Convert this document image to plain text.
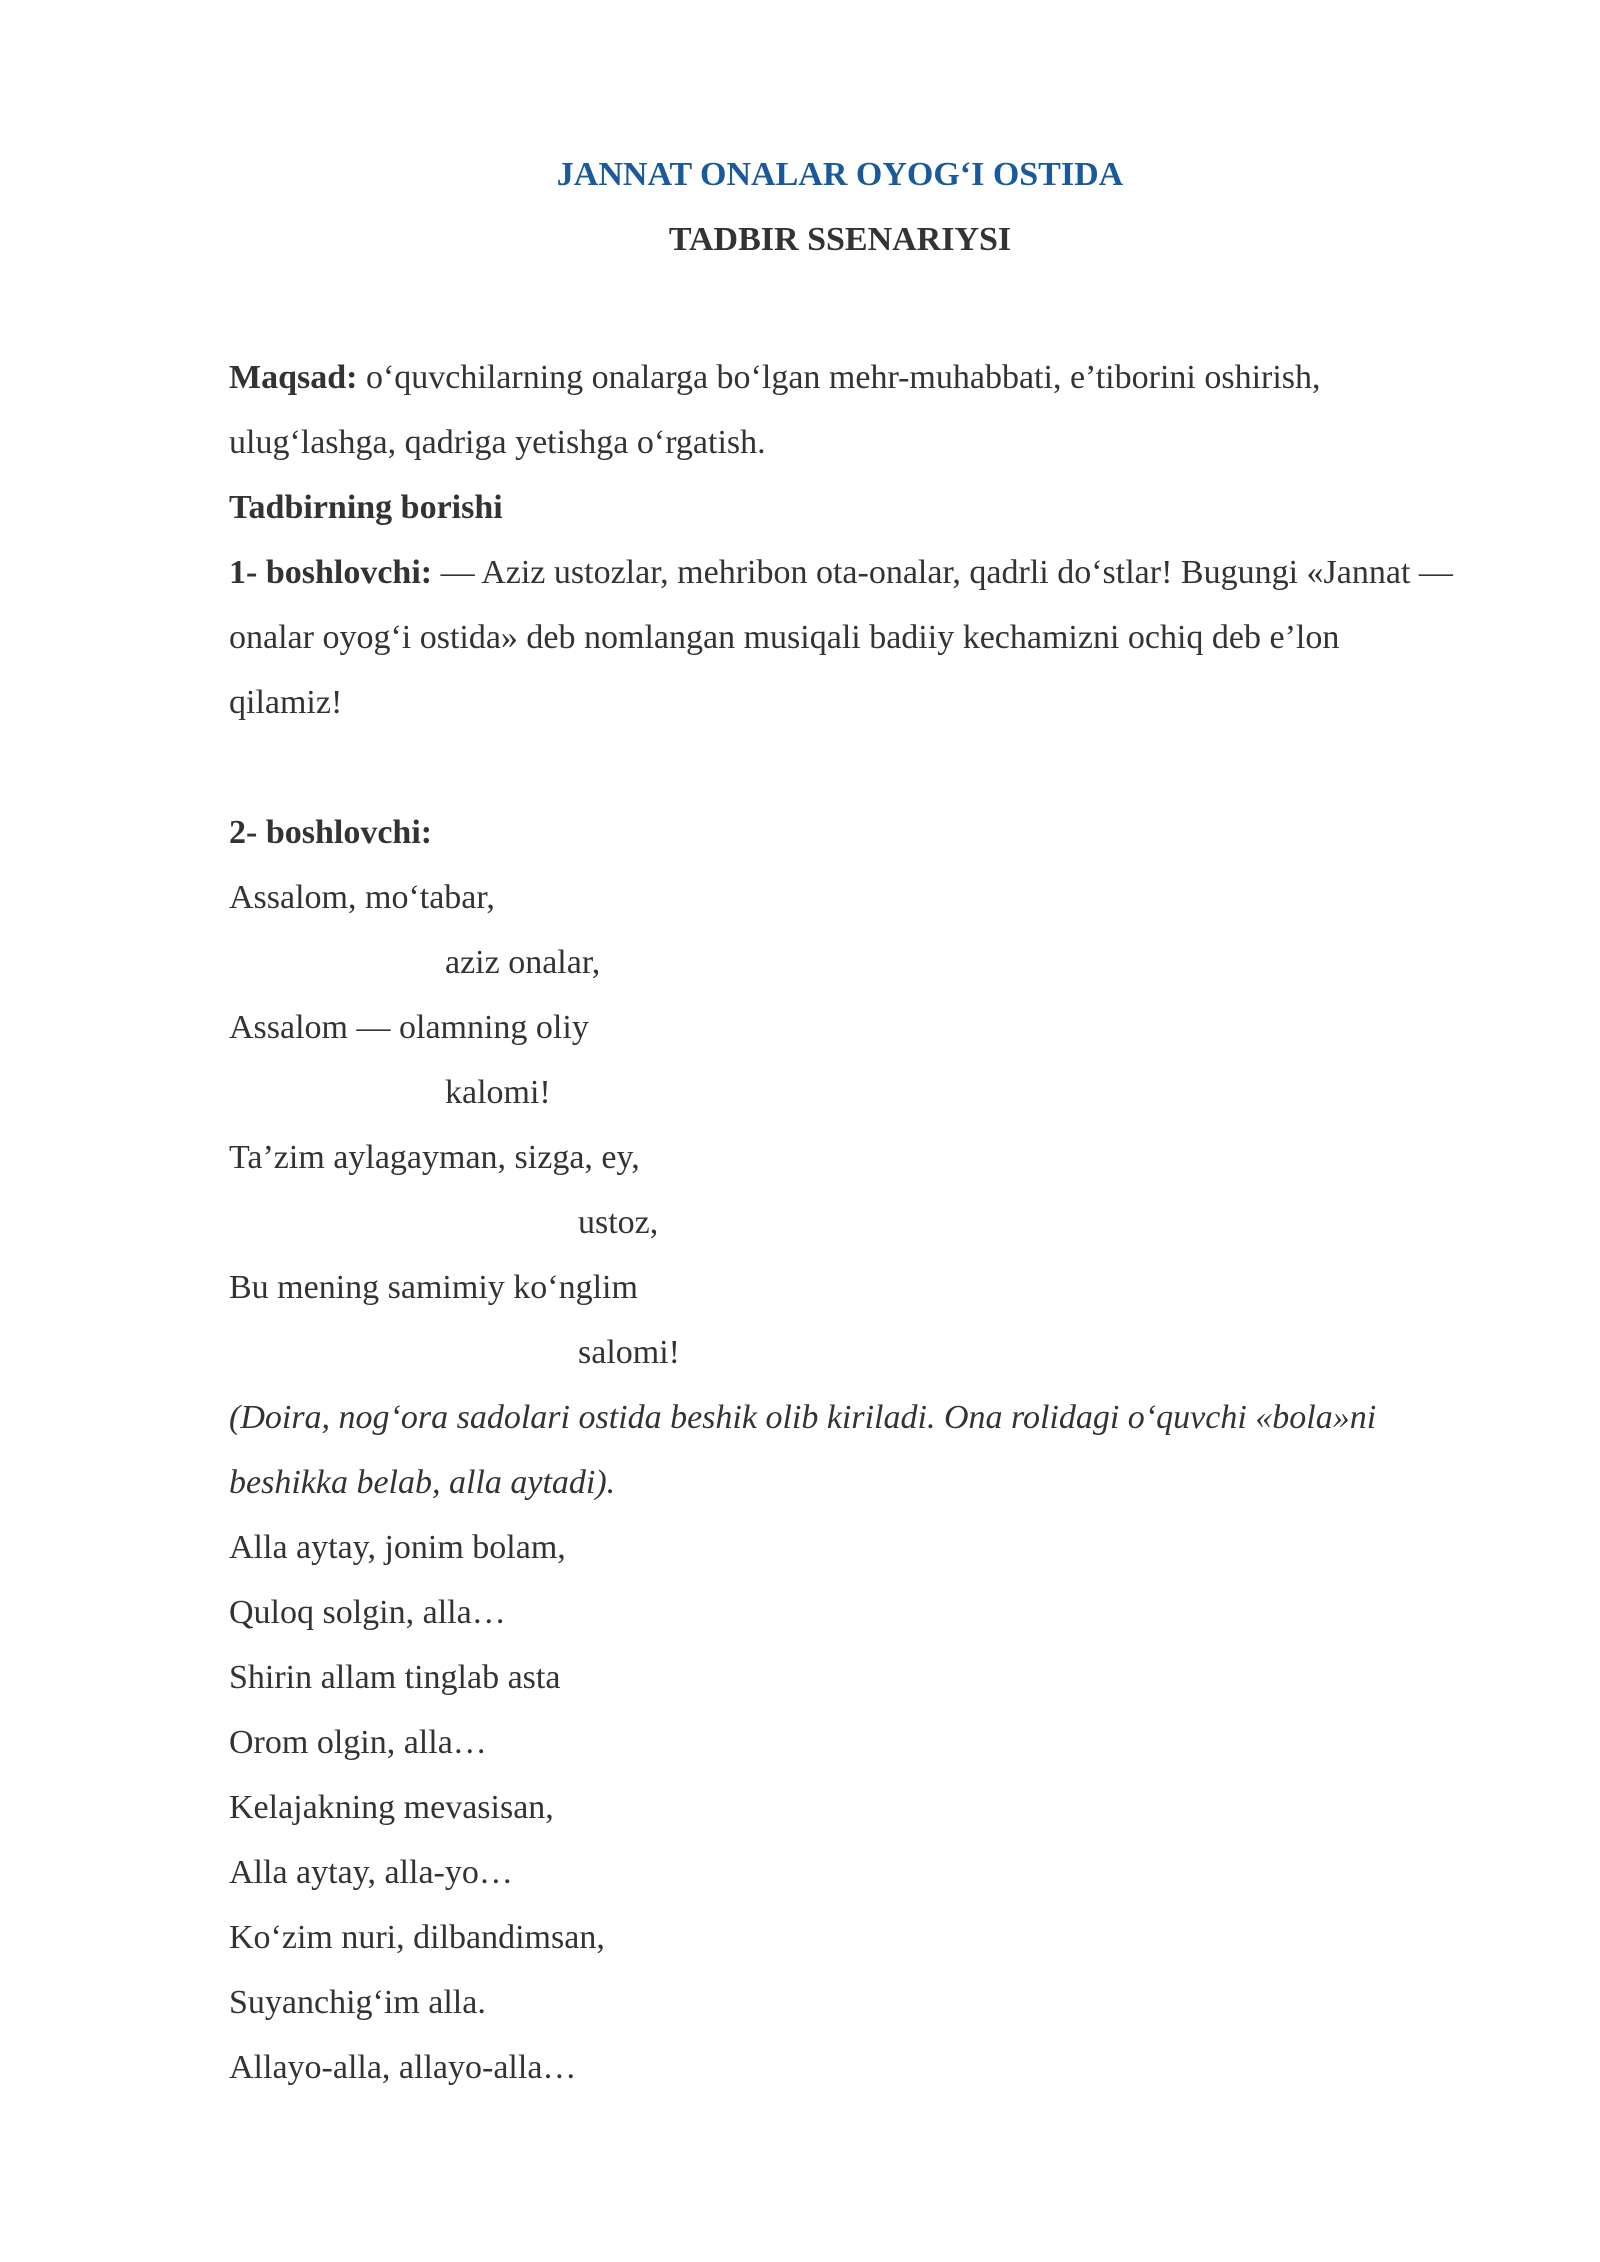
JANNAT ONALAR OYOG‘I OSTIDA
TADBIR SSENARIYSI

Maqsad: o‘quvchilarning onalarga bo‘lgan mehr-muhabbati, e’tiborini oshirish, ulug‘lashga, qadriga yetishga o‘rgatish.

Tadbirning borishi

1- boshlovchi: — Aziz ustozlar, mehribon ota-onalar, qadrli do‘stlar! Bugungi «Jannat — onalar oyog‘i ostida» deb nomlangan musiqali badiiy kechamizni ochiq deb e’lon qilamiz!

2- boshlovchi:

Assalom, mo‘tabar,

aziz onalar,

Assalom — olamning oliy

kalomi!

Ta’zim aylagayman, sizga, ey,

ustoz,

Bu mening samimiy ko‘nglim

salomi!

(Doira, nog‘ora sadolari ostida beshik olib kiriladi. Ona rolidagi o‘quvchi «bola»ni beshikka belab, alla aytadi).

Alla aytay, jonim bolam,

Quloq solgin, alla…

Shirin allam tinglab asta

Orom olgin, alla…

Kelajakning mevasisan,

Alla aytay, alla-yo…

Ko‘zim nuri, dilbandimsan,

Suyanchig‘im alla.

Allayo-alla, allayo-alla…
